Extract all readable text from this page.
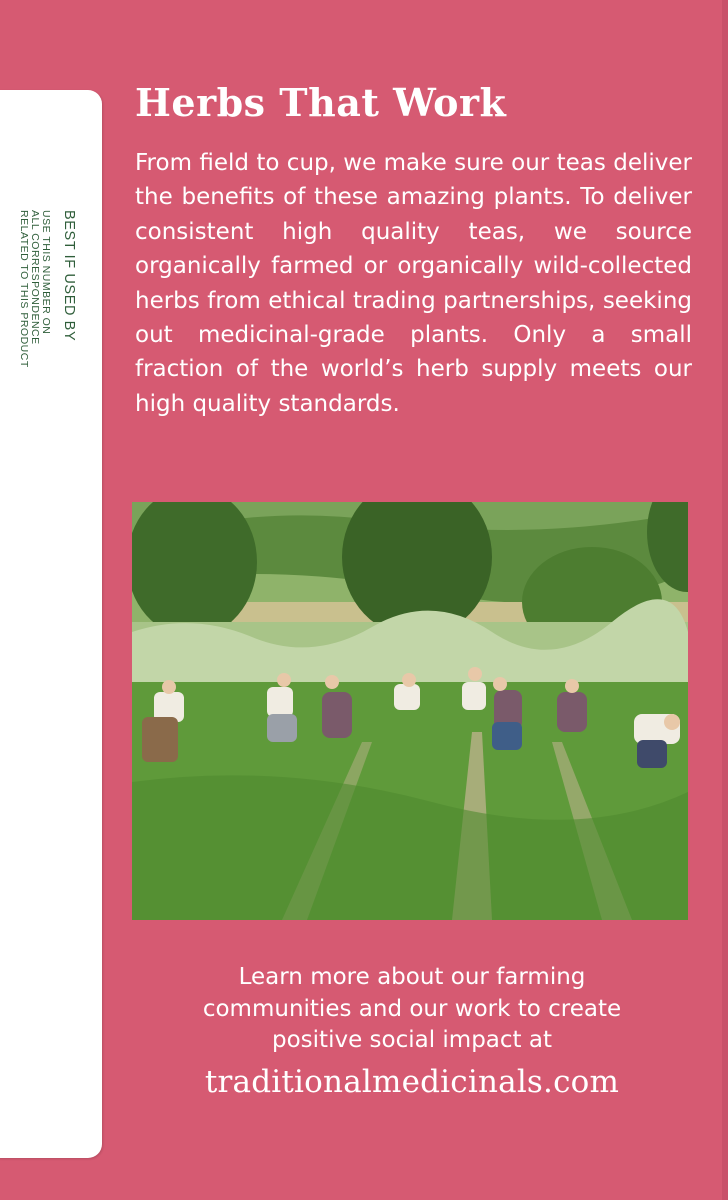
BEST IF USED BY
USE THIS NUMBER ON
ALL CORRESPONDENCE
RELATED TO THIS PRODUCT
Herbs That Work

From field to cup, we make sure our teas deliver the benefits of these amazing plants. To deliver consistent high quality teas, we source organically farmed or organically wild-collected herbs from ethical trading partnerships, seeking out medicinal-grade plants. Only a small fraction of the world’s herb supply meets our high quality standards.

Learn more about our farming
communities and our work to create
positive social impact at

traditionalmedicinals.com
